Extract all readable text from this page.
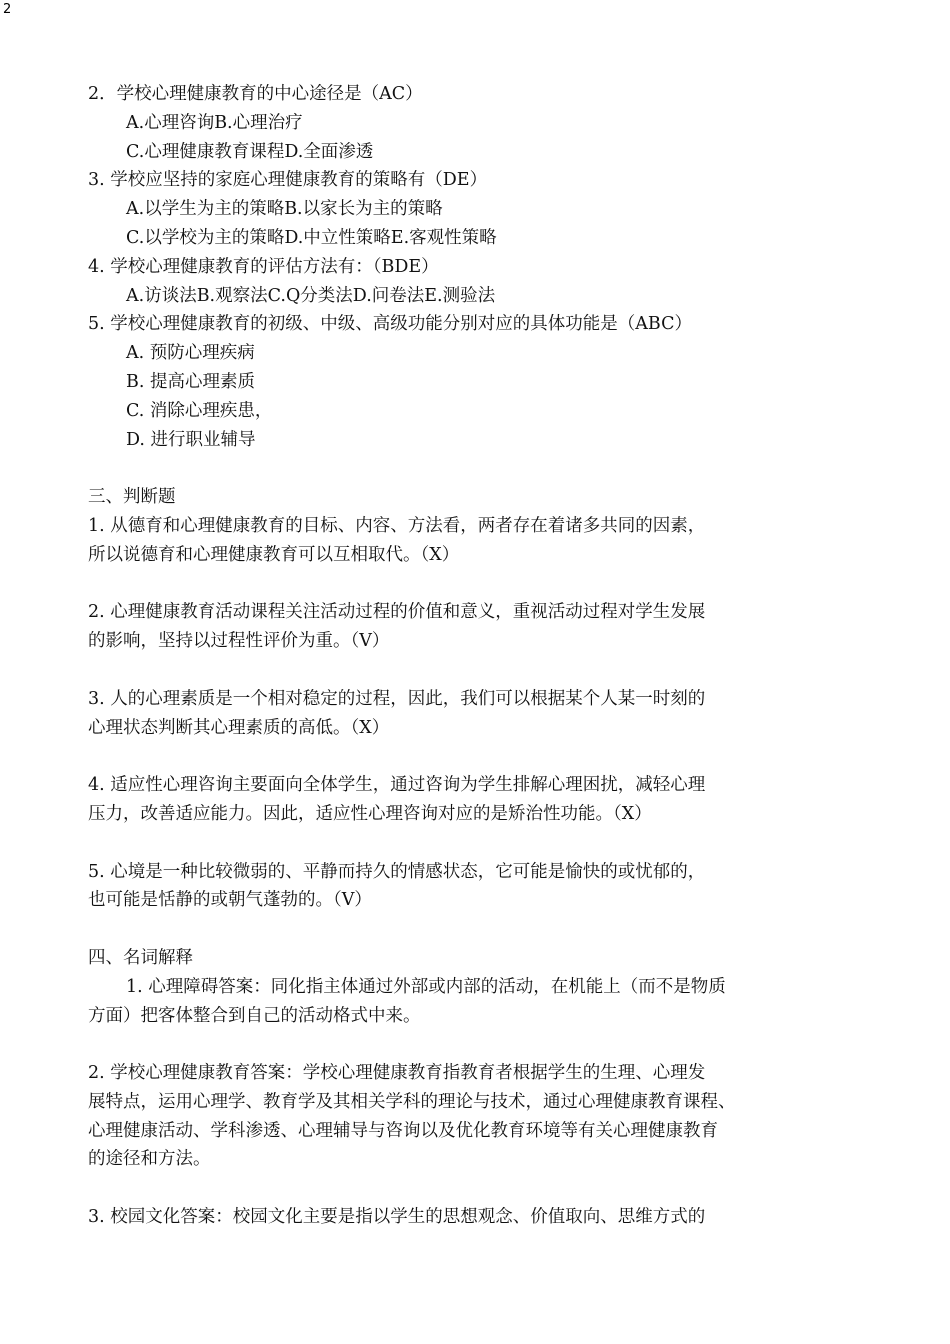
2
2．学校心理健康教育的中心途径是（AC）
A.心理咨询B.心理治疗
C.心理健康教育课程D.全面渗透
3. 学校应坚持的家庭心理健康教育的策略有（DE）
A.以学生为主的策略B.以家长为主的策略
C.以学校为主的策略D.中立性策略E.客观性策略
4. 学校心理健康教育的评估方法有：（BDE）
A.访谈法B.观察法C.Q分类法D.问卷法E.测验法
5. 学校心理健康教育的初级、中级、高级功能分别对应的具体功能是（ABC）
A. 预防心理疾病
B. 提高心理素质
C. 消除心理疾患，
D. 进行职业辅导
三、判断题
1. 从德育和心理健康教育的目标、内容、方法看，两者存在着诸多共同的因素，
所以说德育和心理健康教育可以互相取代。（X）
2. 心理健康教育活动课程关注活动过程的价值和意义，重视活动过程对学生发展
的影响，坚持以过程性评价为重。（V）
3. 人的心理素质是一个相对稳定的过程，因此，我们可以根据某个人某一时刻的
心理状态判断其心理素质的高低。（X）
4. 适应性心理咨询主要面向全体学生，通过咨询为学生排解心理困扰，减轻心理
压力，改善适应能力。因此，适应性心理咨询对应的是矫治性功能。（X）
5. 心境是一种比较微弱的、平静而持久的情感状态，它可能是愉快的或忧郁的，
也可能是恬静的或朝气蓬勃的。（V）
四、名词解释
1. 心理障碍答案：同化指主体通过外部或内部的活动，在机能上（而不是物质
方面）把客体整合到自己的活动格式中来。
2. 学校心理健康教育答案：学校心理健康教育指教育者根据学生的生理、心理发
展特点，运用心理学、教育学及其相关学科的理论与技术，通过心理健康教育课程、
心理健康活动、学科渗透、心理辅导与咨询以及优化教育环境等有关心理健康教育
的途径和方法。
3. 校园文化答案：校园文化主要是指以学生的思想观念、价值取向、思维方式的
